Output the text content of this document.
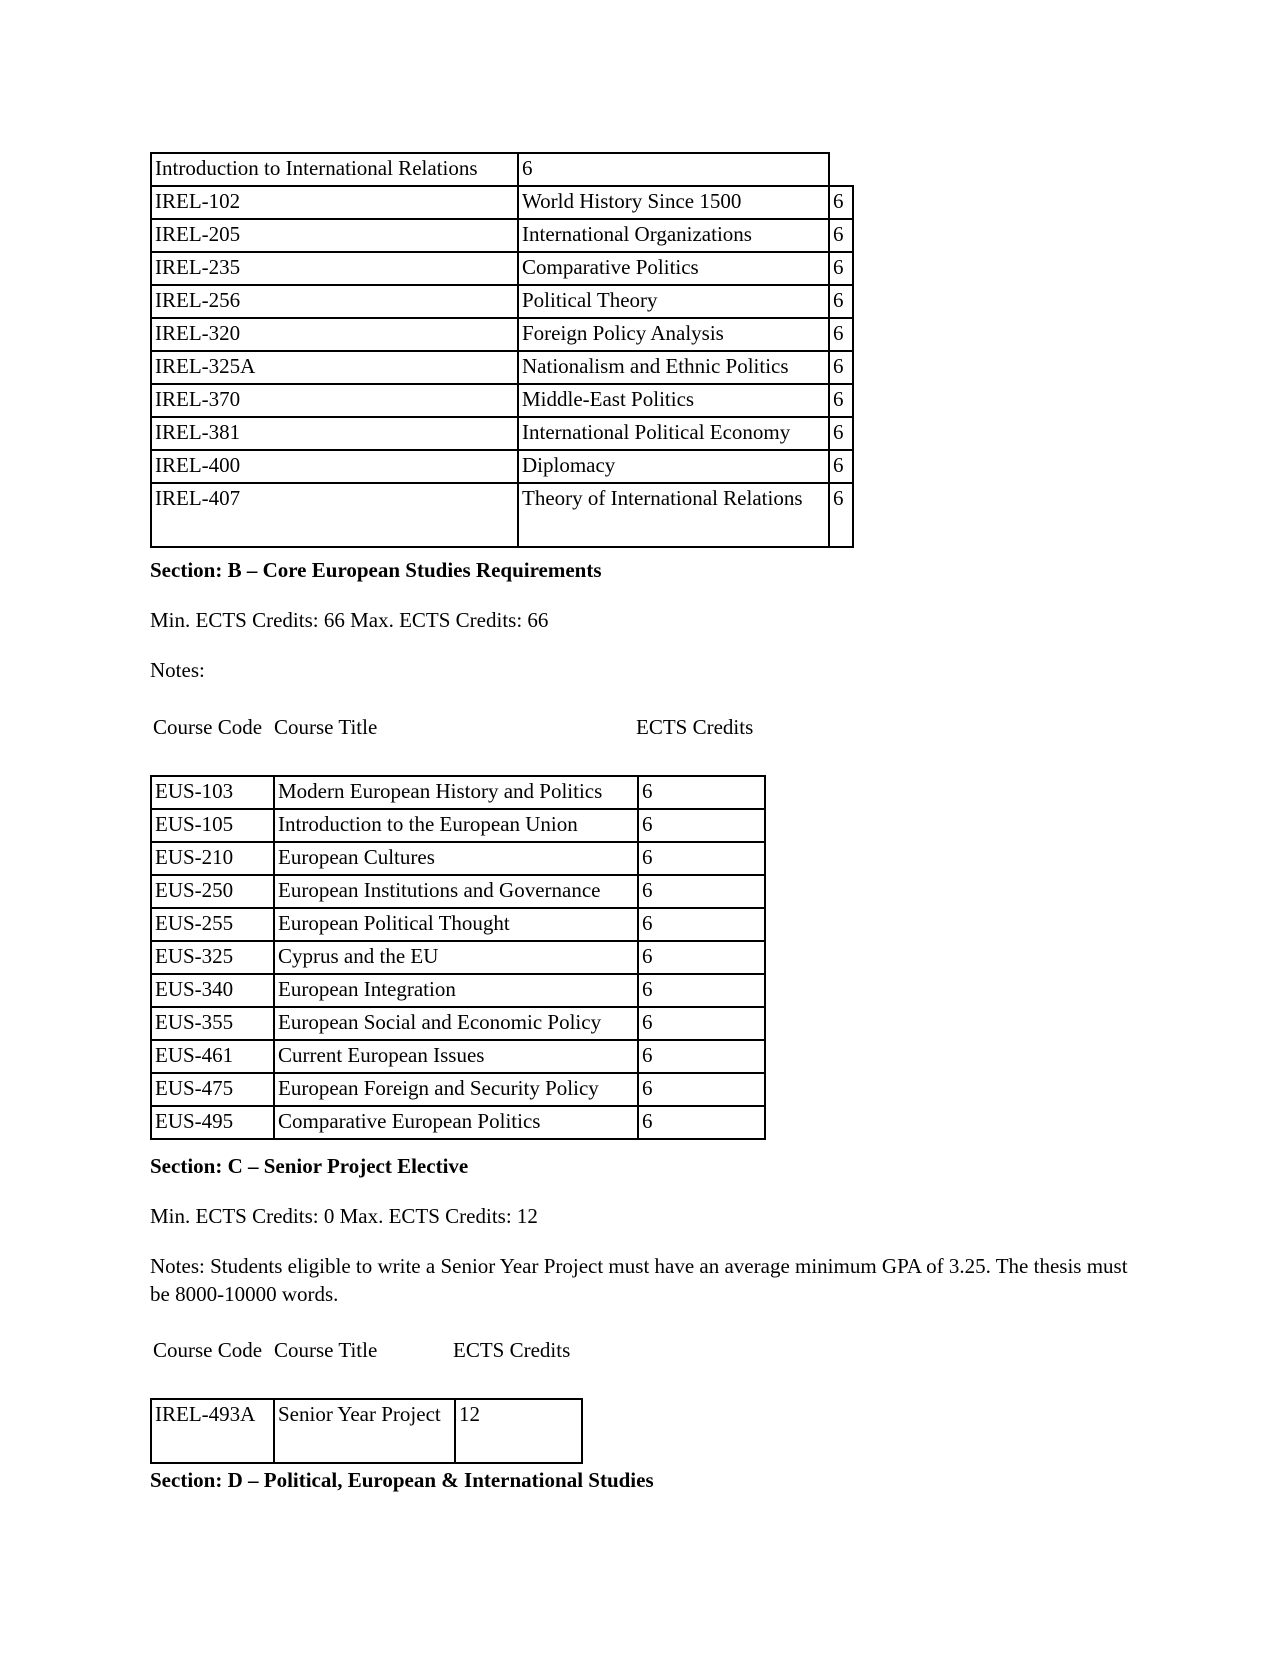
Introduction to International Relations	6	
IREL-102	World History Since 1500	6
IREL-205	International Organizations	6
IREL-235	Comparative Politics	6
IREL-256	Political Theory	6
IREL-320	Foreign Policy Analysis	6
IREL-325A	Nationalism and Ethnic Politics	6
IREL-370	Middle-East Politics	6
IREL-381	International Political Economy	6
IREL-400	Diplomacy	6
IREL-407	Theory of International Relations	6
Section: B – Core European Studies Requirements
Min. ECTS Credits: 66 Max. ECTS Credits: 66
Notes:
Course Code	Course Title	ECTS Credits
EUS-103	Modern European History and Politics	6
EUS-105	Introduction to the European Union	6
EUS-210	European Cultures	6
EUS-250	European Institutions and Governance	6
EUS-255	European Political Thought	6
EUS-325	Cyprus and the EU	6
EUS-340	European Integration	6
EUS-355	European Social and Economic Policy	6
EUS-461	Current European Issues	6
EUS-475	European Foreign and Security Policy	6
EUS-495	Comparative European Politics	6
Section: C – Senior Project Elective
Min. ECTS Credits: 0 Max. ECTS Credits: 12
Notes: Students eligible to write a Senior Year Project must have an average minimum GPA of 3.25. The thesis must be 8000-10000 words.
Course Code	Course Title	ECTS Credits
IREL-493A	Senior Year Project	12
Section: D – Political, European & International Studies
